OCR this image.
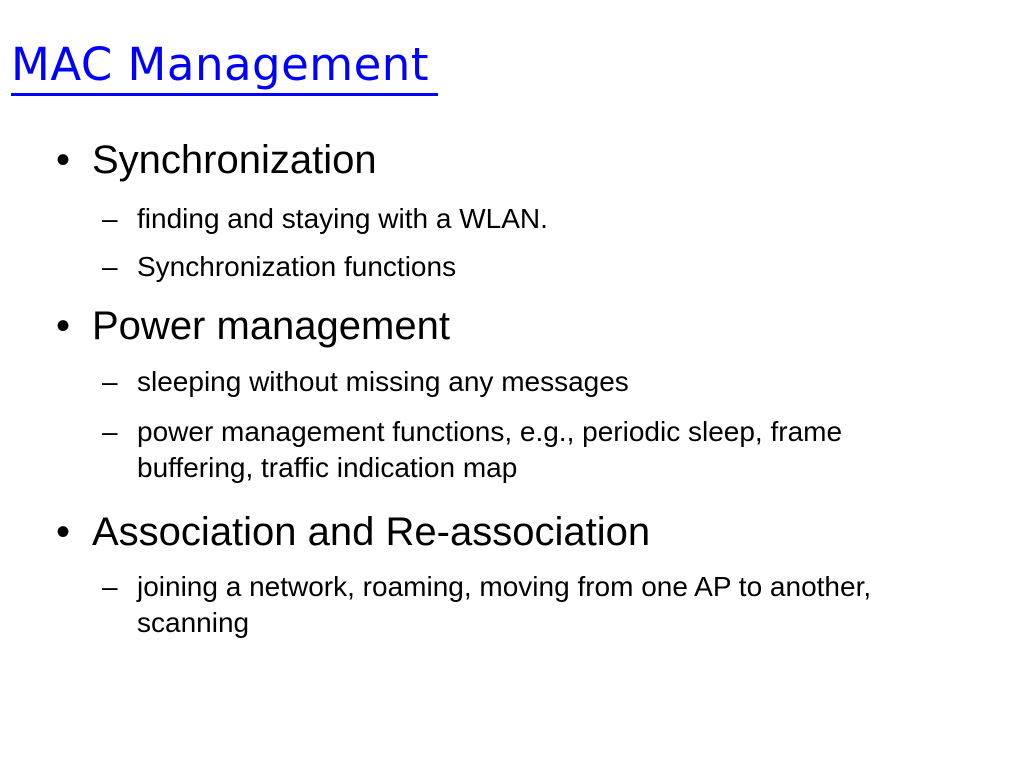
MAC Management
• Synchronization
– finding and staying with a WLAN.
– Synchronization functions
• Power management
– sleeping without missing any messages
– power management functions, e.g., periodic sleep, frame buffering, traffic indication map
• Association and Re-association
– joining a network, roaming, moving from one AP to another, scanning
